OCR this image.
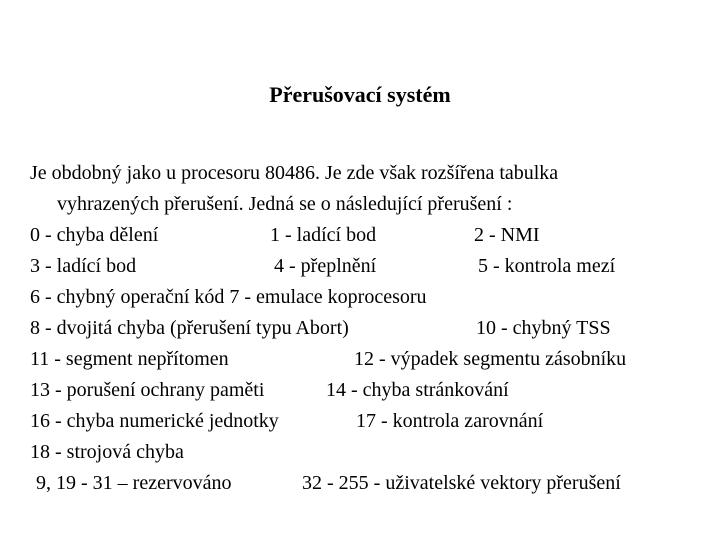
Přerušovací systém
Je obdobný jako u procesoru 80486. Je zde však rozšířena tabulka
vyhrazených přerušení. Jedná se o následující přerušení :
0 - chyba dělení	1 - ladící bod	2 - NMI
3 - ladící bod	4 - přeplnění	5 - kontrola mezí
6 - chybný operační kód 7 - emulace koprocesoru
8 - dvojitá chyba (přerušení typu Abort)	10 - chybný TSS
11 - segment nepřítomen	12 - výpadek segmentu zásobníku
13 - porušení ochrany paměti	14 - chyba stránkování
16 - chyba numerické jednotky	17 - kontrola zarovnání
18 - strojová chyba
9, 19 - 31 – rezervováno	32 - 255 - uživatelské vektory přerušení
